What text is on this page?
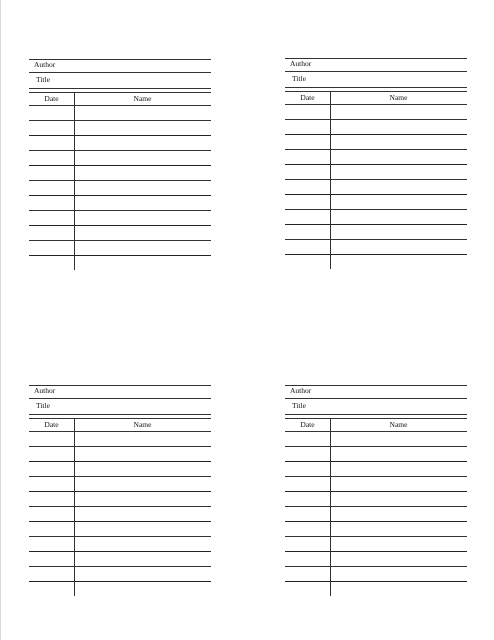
Author
Title
Date	Name
Author
Title
Date	Name
Author
Title
Date	Name
Author
Title
Date	Name
